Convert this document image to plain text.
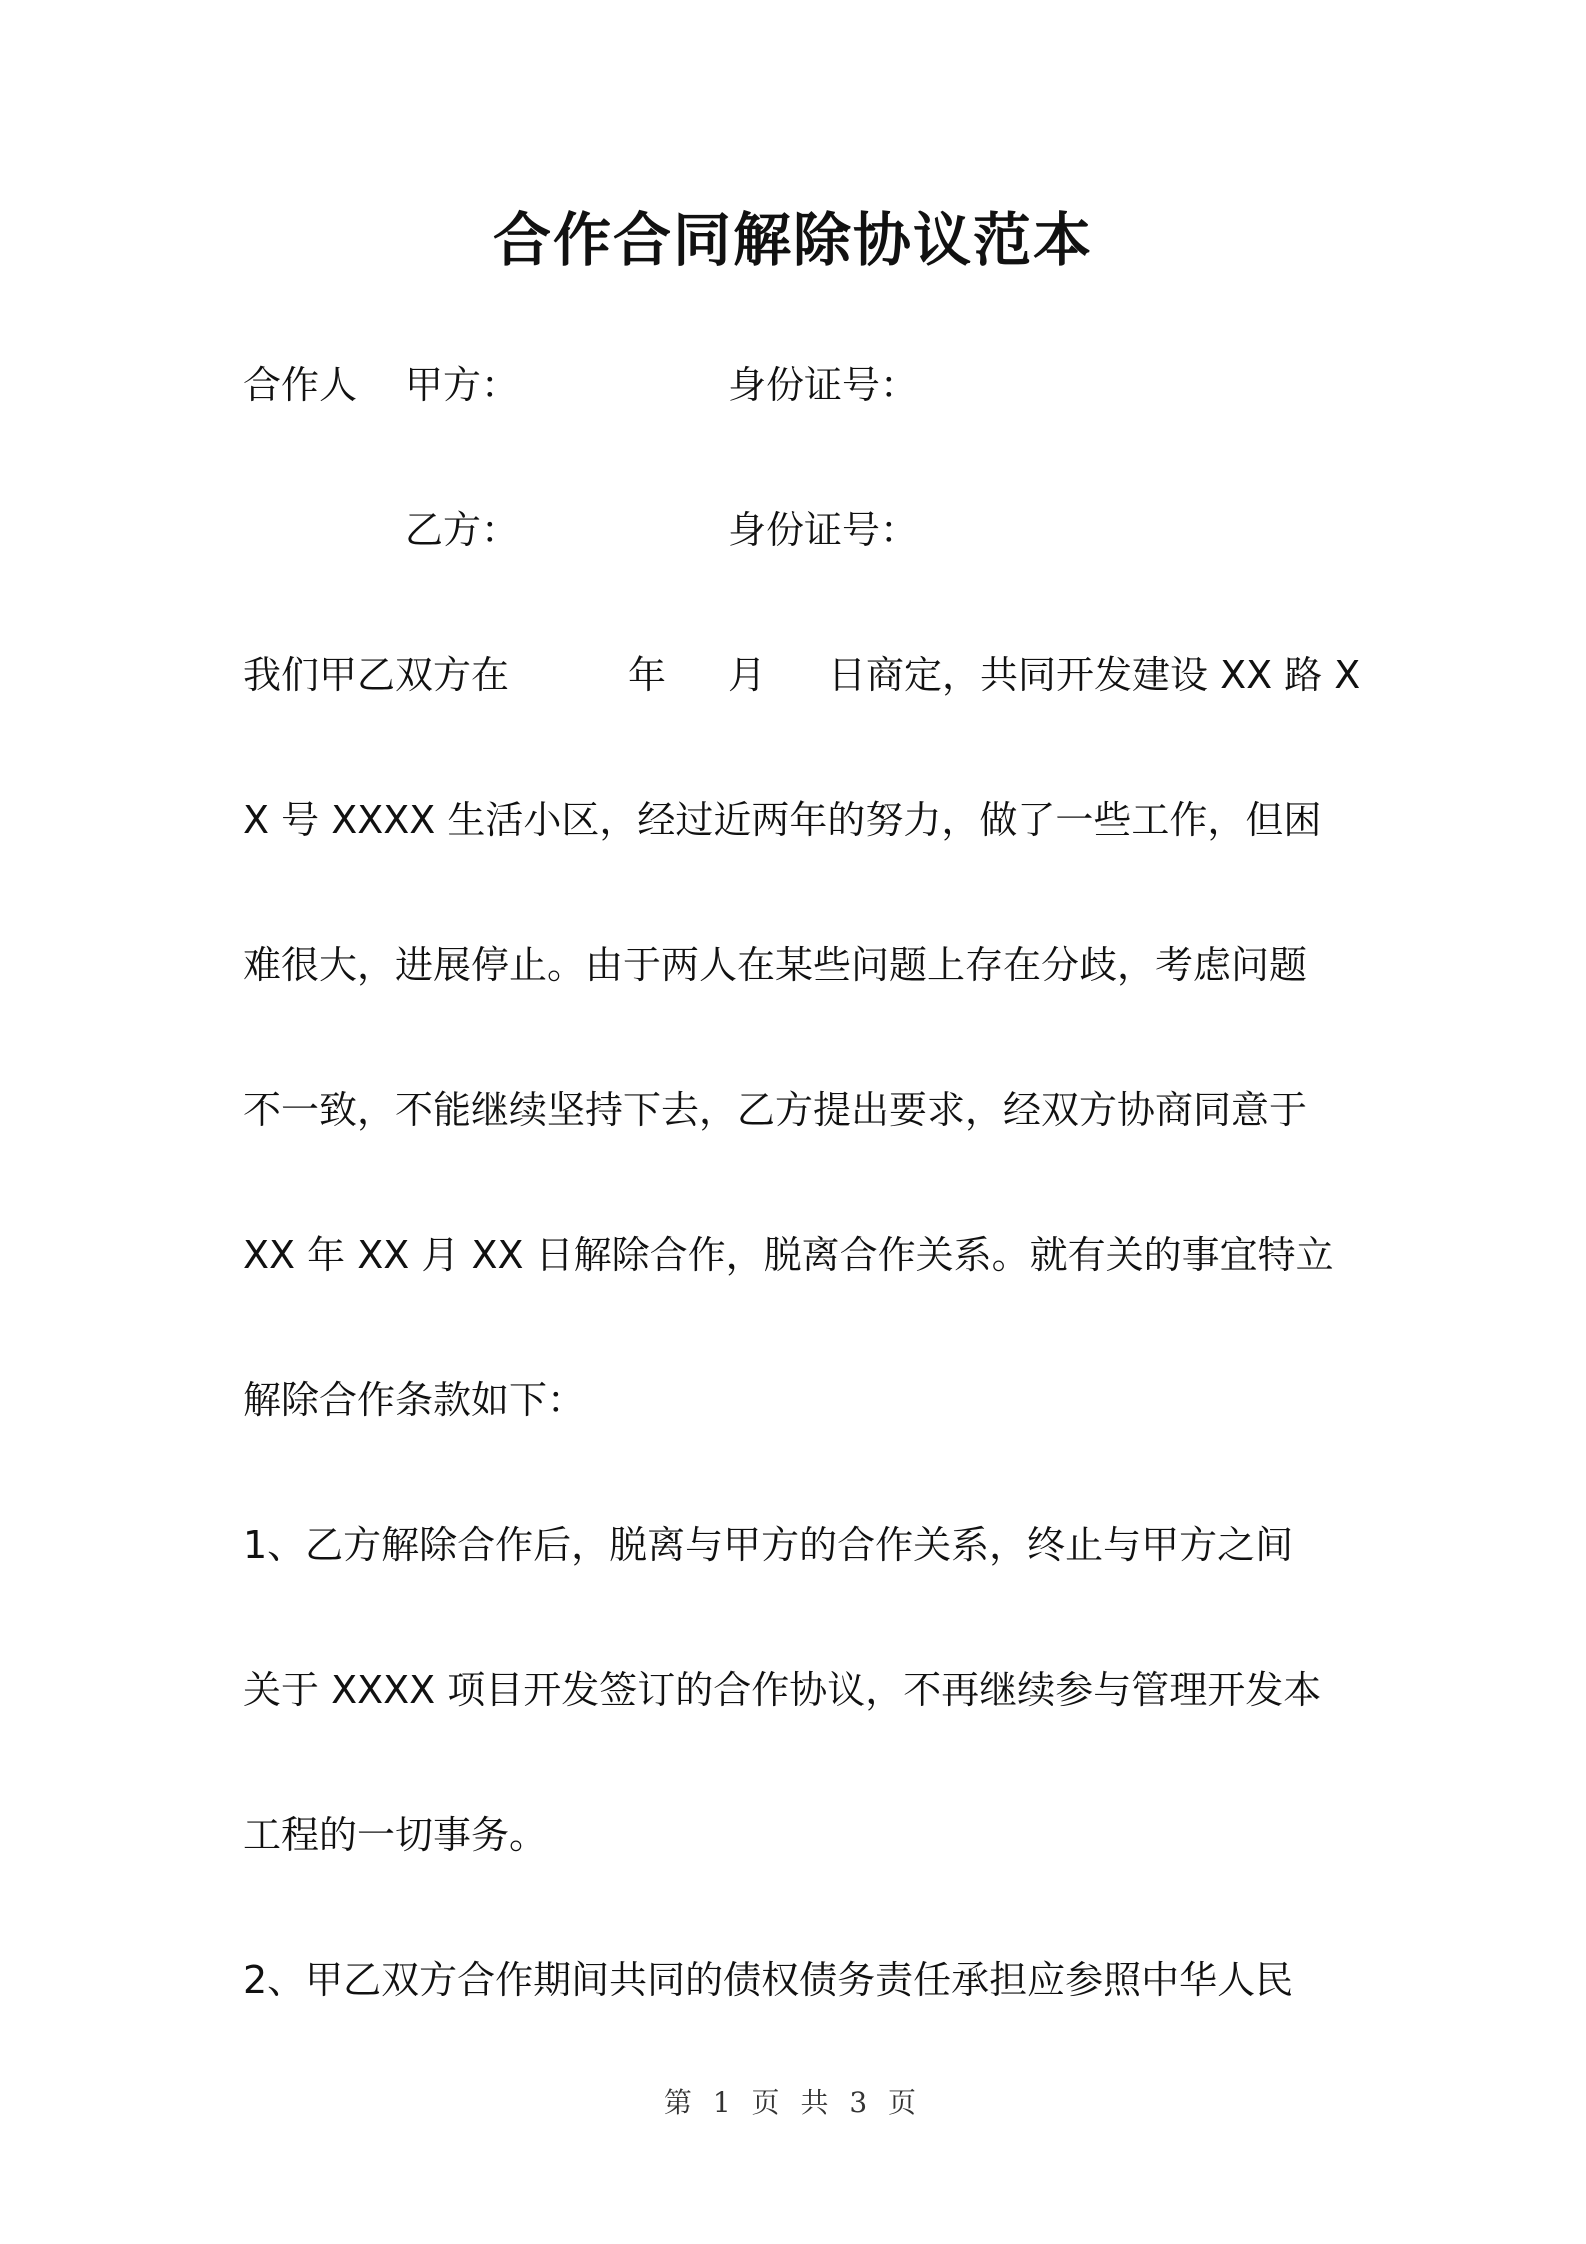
合作合同解除协议范本
合作人 甲方：	身份证号：
乙方：	身份证号：
我们甲乙双方在	年 月 日商定，共同开发建设 XX 路 X
X 号 XXXX 生活小区，经过近两年的努力，做了一些工作，但困
难很大，进展停止。由于两人在某些问题上存在分歧，考虑问题
不一致，不能继续坚持下去，乙方提出要求，经双方协商同意于
XX 年 XX 月 XX 日解除合作，脱离合作关系。就有关的事宜特立
解除合作条款如下：
1、乙方解除合作后，脱离与甲方的合作关系，终止与甲方之间
关于 XXXX 项目开发签订的合作协议，不再继续参与管理开发本
工程的一切事务。
2、甲乙双方合作期间共同的债权债务责任承担应参照中华人民
第 1 页 共 3 页
